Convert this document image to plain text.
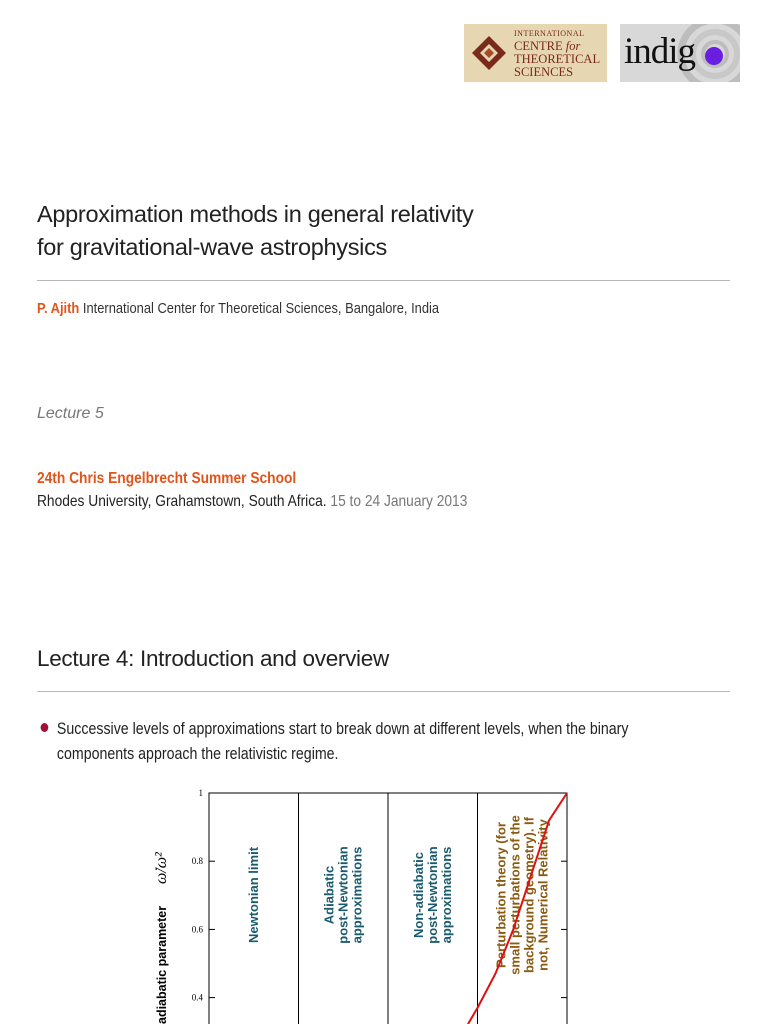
INTERNATIONAL
CENTRE for
THEORETICAL
SCIENCES	indig
Approximation methods in general relativity
for gravitational-wave astrophysics
P. Ajith International Center for Theoretical Sciences, Bangalore, India
Lecture 5
24th Chris Engelbrecht Summer School
Rhodes University, Grahamstown, South Africa. 15 to 24 January 2013
Lecture 4: Introduction and overview
Successive levels of approximations start to break down at different levels, when the binary
components approach the relativistic regime.
1
0.8
0.6
0.4
Newtonian limit	Adiabatic post-Newtonian approximations	Non-adiabatic post-Newtonian approximations	Perturbation theory (for small perturbations of the background geometry). If not, Numerical Relativity
adiabatic parameter
ω̇/ω²
